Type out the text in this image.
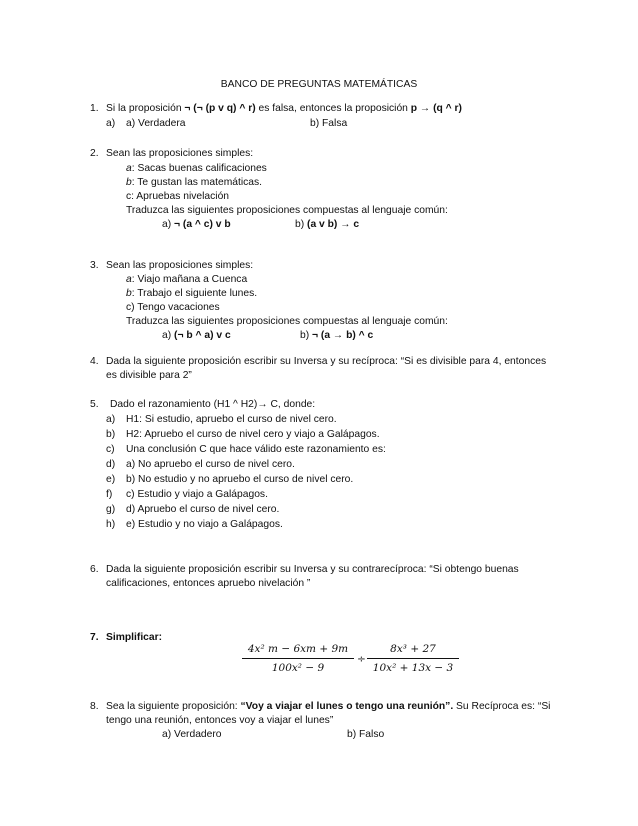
BANCO DE PREGUNTAS MATEMÁTICAS
1. Si la proposición ¬ (¬ (p v q) ^ r) es falsa, entonces la proposición p → (q ^ r)
a) a) Verdadera	b) Falsa
2. Sean las proposiciones simples:
a: Sacas buenas calificaciones
b: Te gustan las matemáticas.
c: Apruebas nivelación
Traduzca las siguientes proposiciones compuestas al lenguaje común:
a) ¬ (a ^ c) v b	b) (a v b) → c
3. Sean las proposiciones simples:
a: Viajo mañana a Cuenca
b: Trabajo el siguiente lunes.
c) Tengo vacaciones
Traduzca las siguientes proposiciones compuestas al lenguaje común:
a) (¬ b ^ a) v c	b) ¬ (a → b) ^ c
4. Dada la siguiente proposición escribir su Inversa y su recíproca: “Si es divisible para 4, entonces
es divisible para 2”
5. Dado el razonamiento (H1 ^ H2)→ C, donde:
a) H1: Si estudio, apruebo el curso de nivel cero.
b) H2: Apruebo el curso de nivel cero y viajo a Galápagos.
c) Una conclusión C que hace válido este razonamiento es:
d) a) No apruebo el curso de nivel cero.
e) b) No estudio y no apruebo el curso de nivel cero.
f) c) Estudio y viajo a Galápagos.
g) d) Apruebo el curso de nivel cero.
h) e) Estudio y no viajo a Galápagos.
6. Dada la siguiente proposición escribir su Inversa y su contrarecíproca: “Si obtengo buenas
calificaciones, entonces apruebo nivelación ”
7. Simplificar:
4x² m − 6xm + 9m
100x² − 9
÷
8x³ + 27
10x² + 13x − 3
8. Sea la siguiente proposición: “Voy a viajar el lunes o tengo una reunión”. Su Recíproca es: “Si
tengo una reunión, entonces voy a viajar el lunes”
a) Verdadero	b) Falso
